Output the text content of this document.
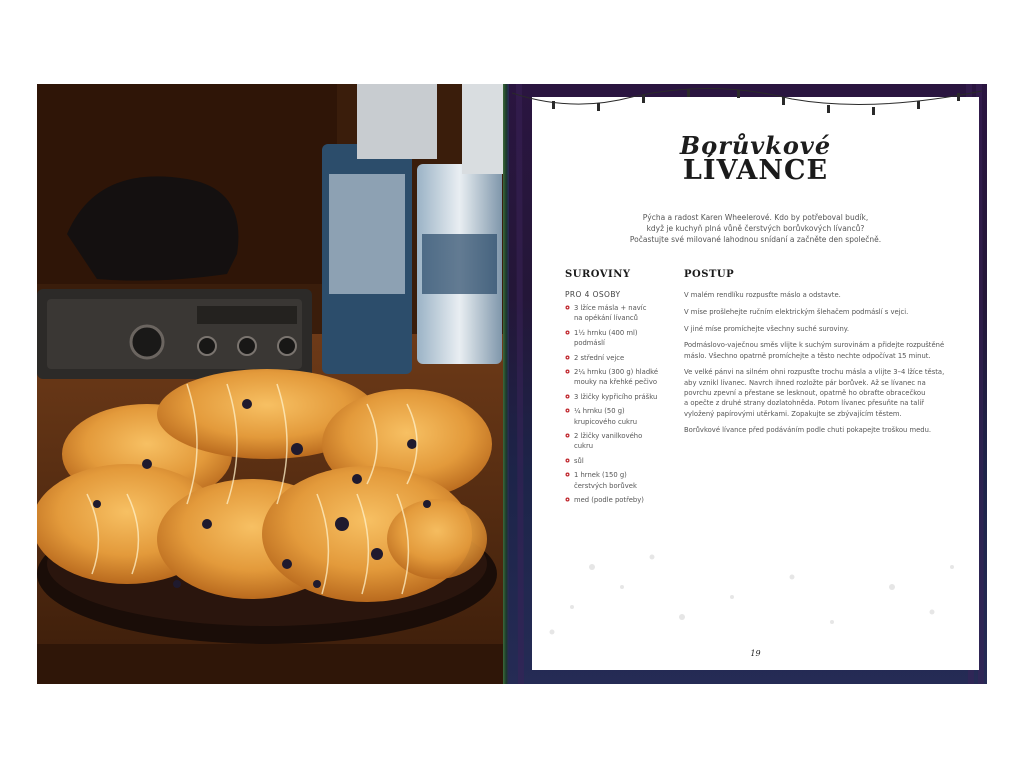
Borůvkové
LÍVANCE
Pýcha a radost Karen Wheelerové. Kdo by potřeboval budík,
když je kuchyň plná vůně čerstvých borůvkových lívanců?
Počastujte své milované lahodnou snídaní a začněte den společně.
SUROVINY	POSTUP
PRO 4 OSOBY
3 lžíce másla + navíc
na opékání lívanců
1½ hrnku (400 ml)
podmáslí
2 střední vejce
2¼ hrnku (300 g) hladké
mouky na křehké pečivo
3 lžičky kypřicího prášku
¼ hrnku (50 g)
krupicového cukru
2 lžičky vanilkového
cukru
sůl
1 hrnek (150 g)
čerstvých borůvek
med (podle potřeby)

V malém rendlíku rozpusťte máslo a odstavte.

V míse prošlehejte ručním elektrickým šlehačem podmáslí s vejci.

V jiné míse promíchejte všechny suché suroviny.

Podmáslovo-vaječnou směs vlijte k suchým surovinám a přidejte rozpuštěné
máslo. Všechno opatrně promíchejte a těsto nechte odpočívat 15 minut.

Ve velké pánvi na silném ohni rozpusťte trochu másla a vlijte 3–4 lžíce těsta,
aby vznikl lívanec. Navrch ihned rozložte pár borůvek. Až se lívanec na
povrchu zpevní a přestane se lesknout, opatrně ho obraťte obracečkou
a opečte z druhé strany dozlatohněda. Potom lívanec přesuňte na talíř
vyložený papírovými utěrkami. Zopakujte se zbývajícím těstem.

Borůvkové lívance před podáváním podle chuti pokapejte troškou medu.

19
